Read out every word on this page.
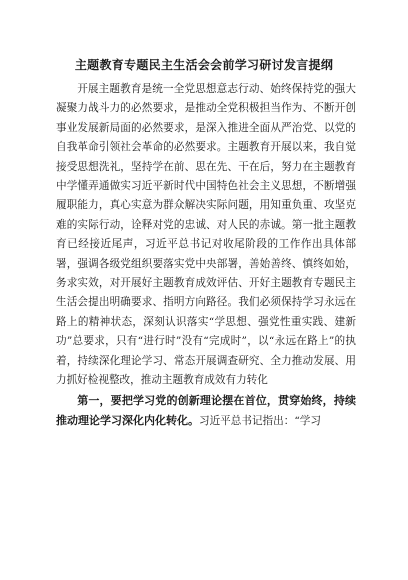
主题教育专题民主生活会会前学习研讨发言提纲

开展主题教育是统一全党思想意志行动、始终保持党的强大凝聚力战斗力的必然要求，是推动全党积极担当作为、不断开创事业发展新局面的必然要求，是深入推进全面从严治党、以党的自我革命引领社会革命的必然要求。主题教育开展以来，我自觉接受思想洗礼，坚持学在前、思在先、干在后，努力在主题教育中学懂弄通做实习近平新时代中国特色社会主义思想，不断增强履职能力，真心实意为群众解决实际问题，用知重负重、攻坚克难的实际行动，诠释对党的忠诚、对人民的赤诚。第一批主题教育已经接近尾声，习近平总书记对收尾阶段的工作作出具体部署，强调各级党组织要落实党中央部署，善始善终、慎终如始，务求实效，对开展好主题教育成效评估、开好主题教育专题民主生活会提出明确要求、指明方向路径。我们必须保持学习永远在路上的精神状态，深刻认识落实“学思想、强党性重实践、建新功”总要求，只有“进行时”没有“完成时”，以“永远在路上”的执着，持续深化理论学习、常态开展调查研究、全力推动发展、用力抓好检视整改，推动主题教育成效有力转化

第一，要把学习党的创新理论摆在首位，贯穿始终，持续推动理论学习深化内化转化。习近平总书记指出：“学习
